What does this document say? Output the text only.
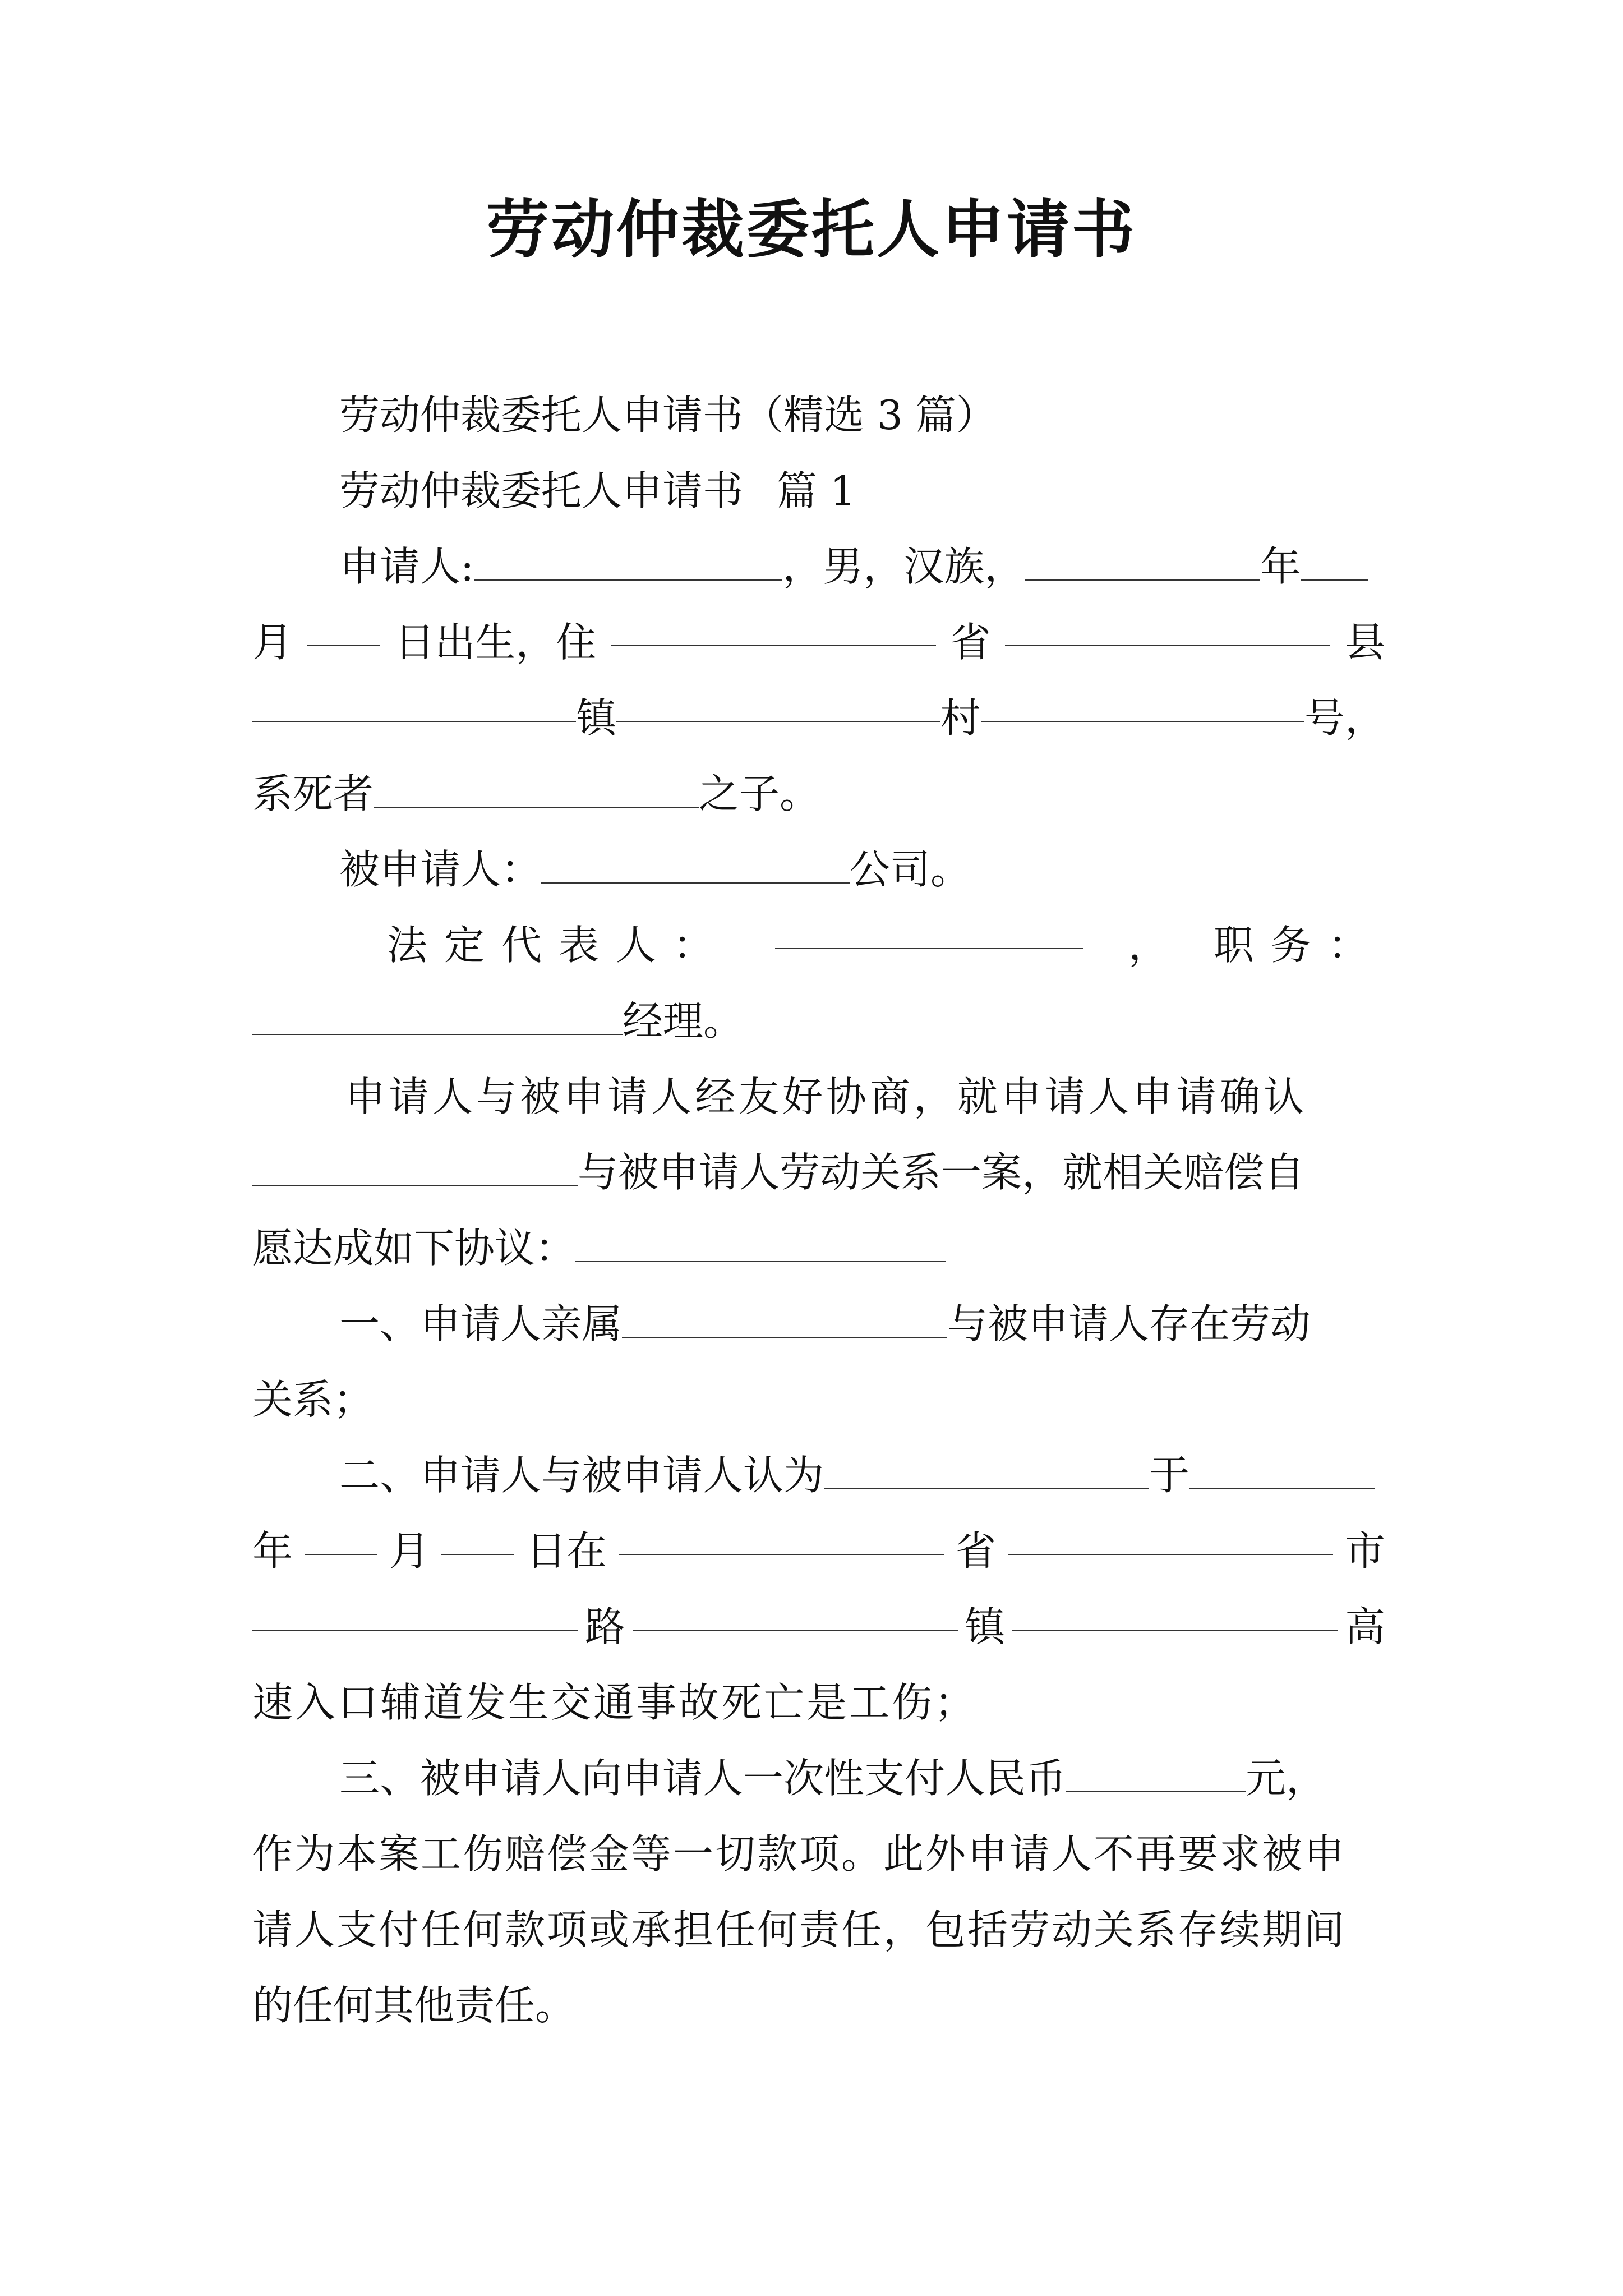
劳动仲裁委托人申请书
劳动仲裁委托人申请书（精选 3 篇）
劳动仲裁委托人申请书 篇 1
申请人:	，男，汉族，	年
月	日出生，住	省	县
镇	村	号，
系死者	之子。
被申请人：	公司。
法定代表人：	， 职务：
经理。
申请人与被申请人经友好协商，就申请人申请确认
与被申请人劳动关系一案，就相关赔偿自
愿达成如下协议：
一、申请人亲属	与被申请人存在劳动
关系；
二、申请人与被申请人认为	于
年 月 日在	省	市
路	镇	高
速入口辅道发生交通事故死亡是工伤；
三、被申请人向申请人一次性支付人民币	元，
作为本案工伤赔偿金等一切款项。此外申请人不再要求被申
请人支付任何款项或承担任何责任，包括劳动关系存续期间
的任何其他责任。
